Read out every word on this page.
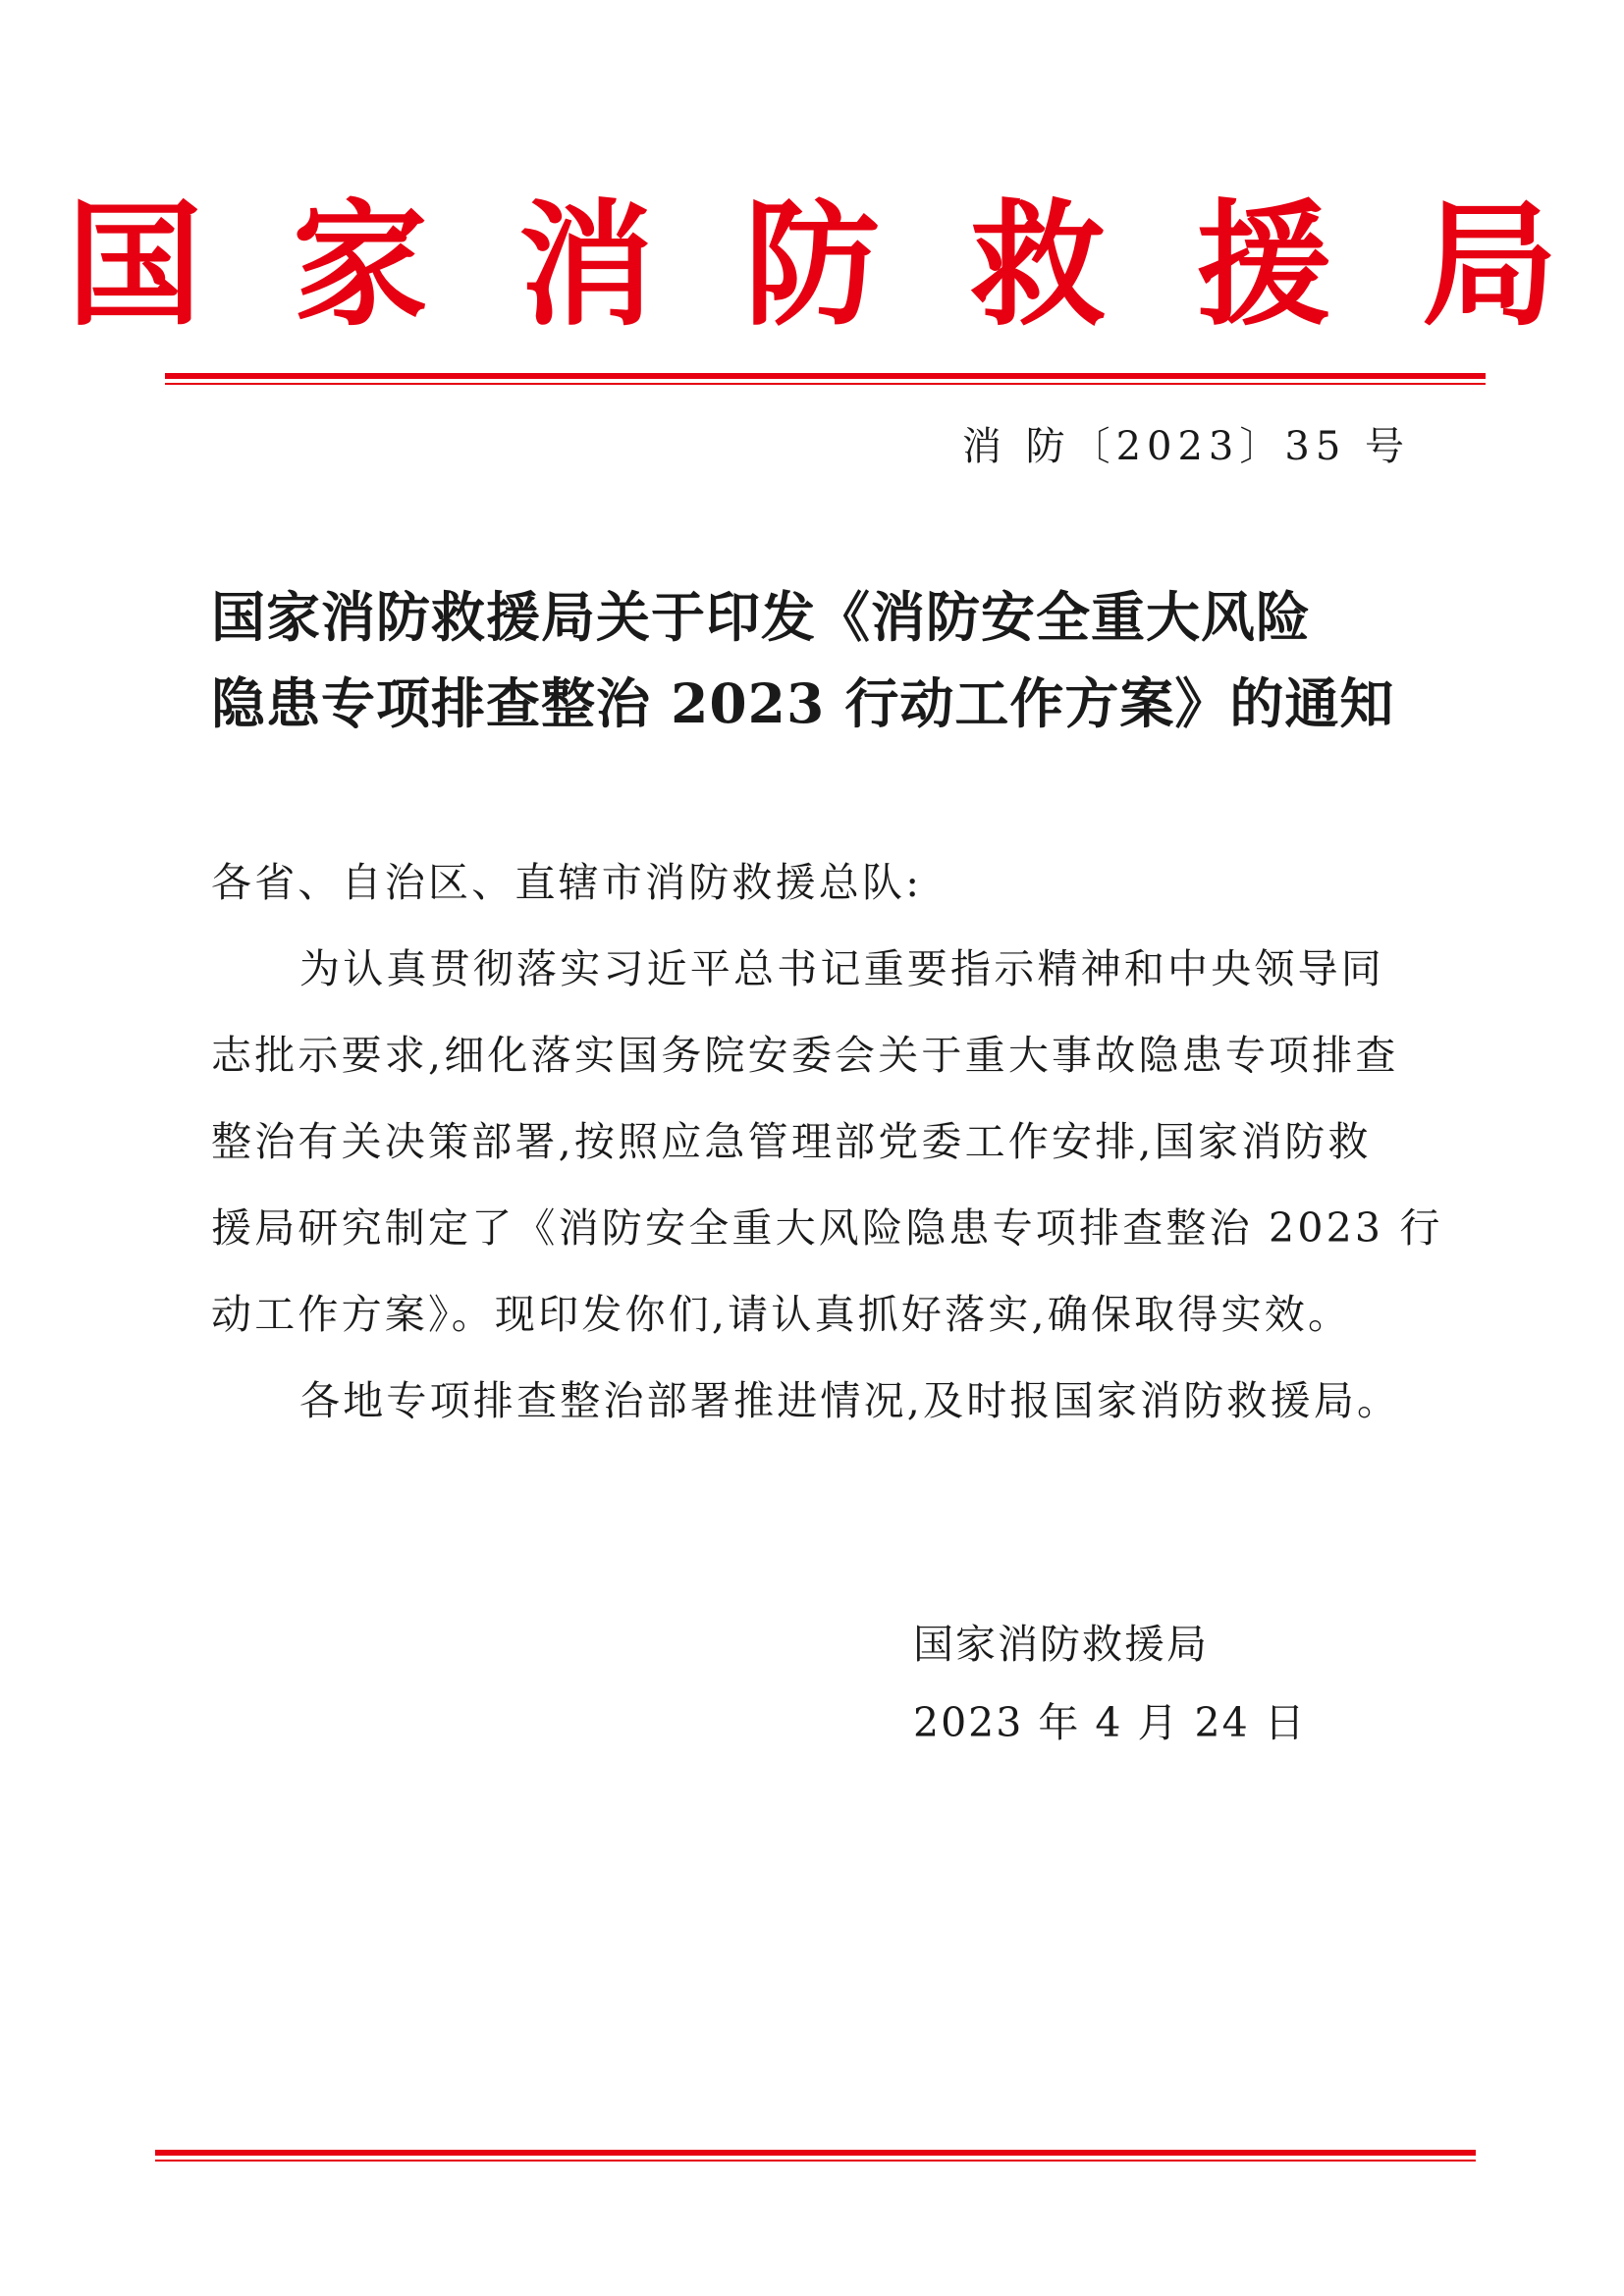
国 家 消 防 救 援 局
消 防〔2023〕35 号
国家消防救援局关于印发《消防安全重大风险
隐患专项排查整治 2023 行动工作方案》的通知

各省、自治区、直辖市消防救援总队:

为认真贯彻落实习近平总书记重要指示精神和中央领导同

志批示要求,细化落实国务院安委会关于重大事故隐患专项排查

整治有关决策部署,按照应急管理部党委工作安排,国家消防救

援局研究制定了《消防安全重大风险隐患专项排查整治 2023 行

动工作方案》。现印发你们,请认真抓好落实,确保取得实效。

各地专项排查整治部署推进情况,及时报国家消防救援局。

国家消防救援局
2023 年 4 月 24 日
